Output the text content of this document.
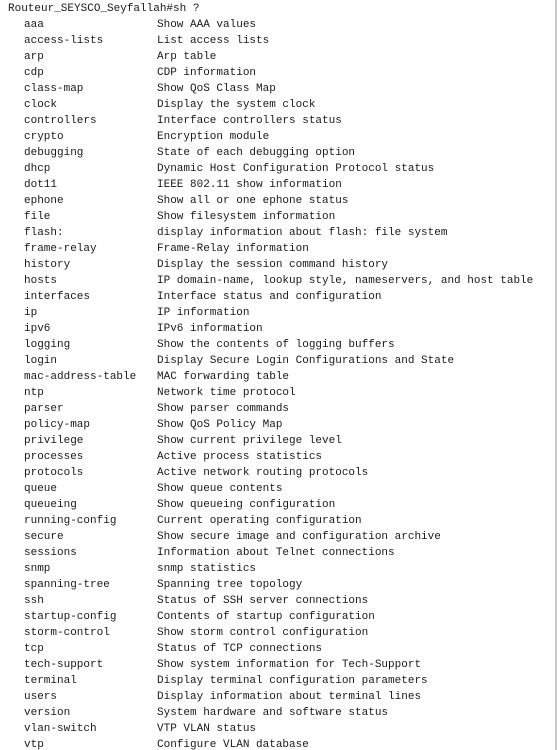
Routeur_SEYSCO_Seyfallah#sh ?

aaa	Show AAA values
access-lists	List access lists
arp	Arp table
cdp	CDP information
class-map	Show QoS Class Map
clock	Display the system clock
controllers	Interface controllers status
crypto	Encryption module
debugging	State of each debugging option
dhcp	Dynamic Host Configuration Protocol status
dot11	IEEE 802.11 show information
ephone	Show all or one ephone status
file	Show filesystem information
flash:	display information about flash: file system
frame-relay	Frame-Relay information
history	Display the session command history
hosts	IP domain-name, lookup style, nameservers, and host table
interfaces	Interface status and configuration
ip	IP information
ipv6	IPv6 information
logging	Show the contents of logging buffers
login	Display Secure Login Configurations and State
mac-address-table MAC forwarding table
ntp	Network time protocol
parser	Show parser commands
policy-map	Show QoS Policy Map
privilege	Show current privilege level
processes	Active process statistics
protocols	Active network routing protocols
queue	Show queue contents
queueing	Show queueing configuration
running-config	Current operating configuration
secure	Show secure image and configuration archive
sessions	Information about Telnet connections
snmp	snmp statistics
spanning-tree	Spanning tree topology
ssh	Status of SSH server connections
startup-config	Contents of startup configuration
storm-control	Show storm control configuration
tcp	Status of TCP connections
tech-support	Show system information for Tech-Support
terminal	Display terminal configuration parameters
users	Display information about terminal lines
version	System hardware and software status
vlan-switch	VTP VLAN status
vtp	Configure VLAN database
